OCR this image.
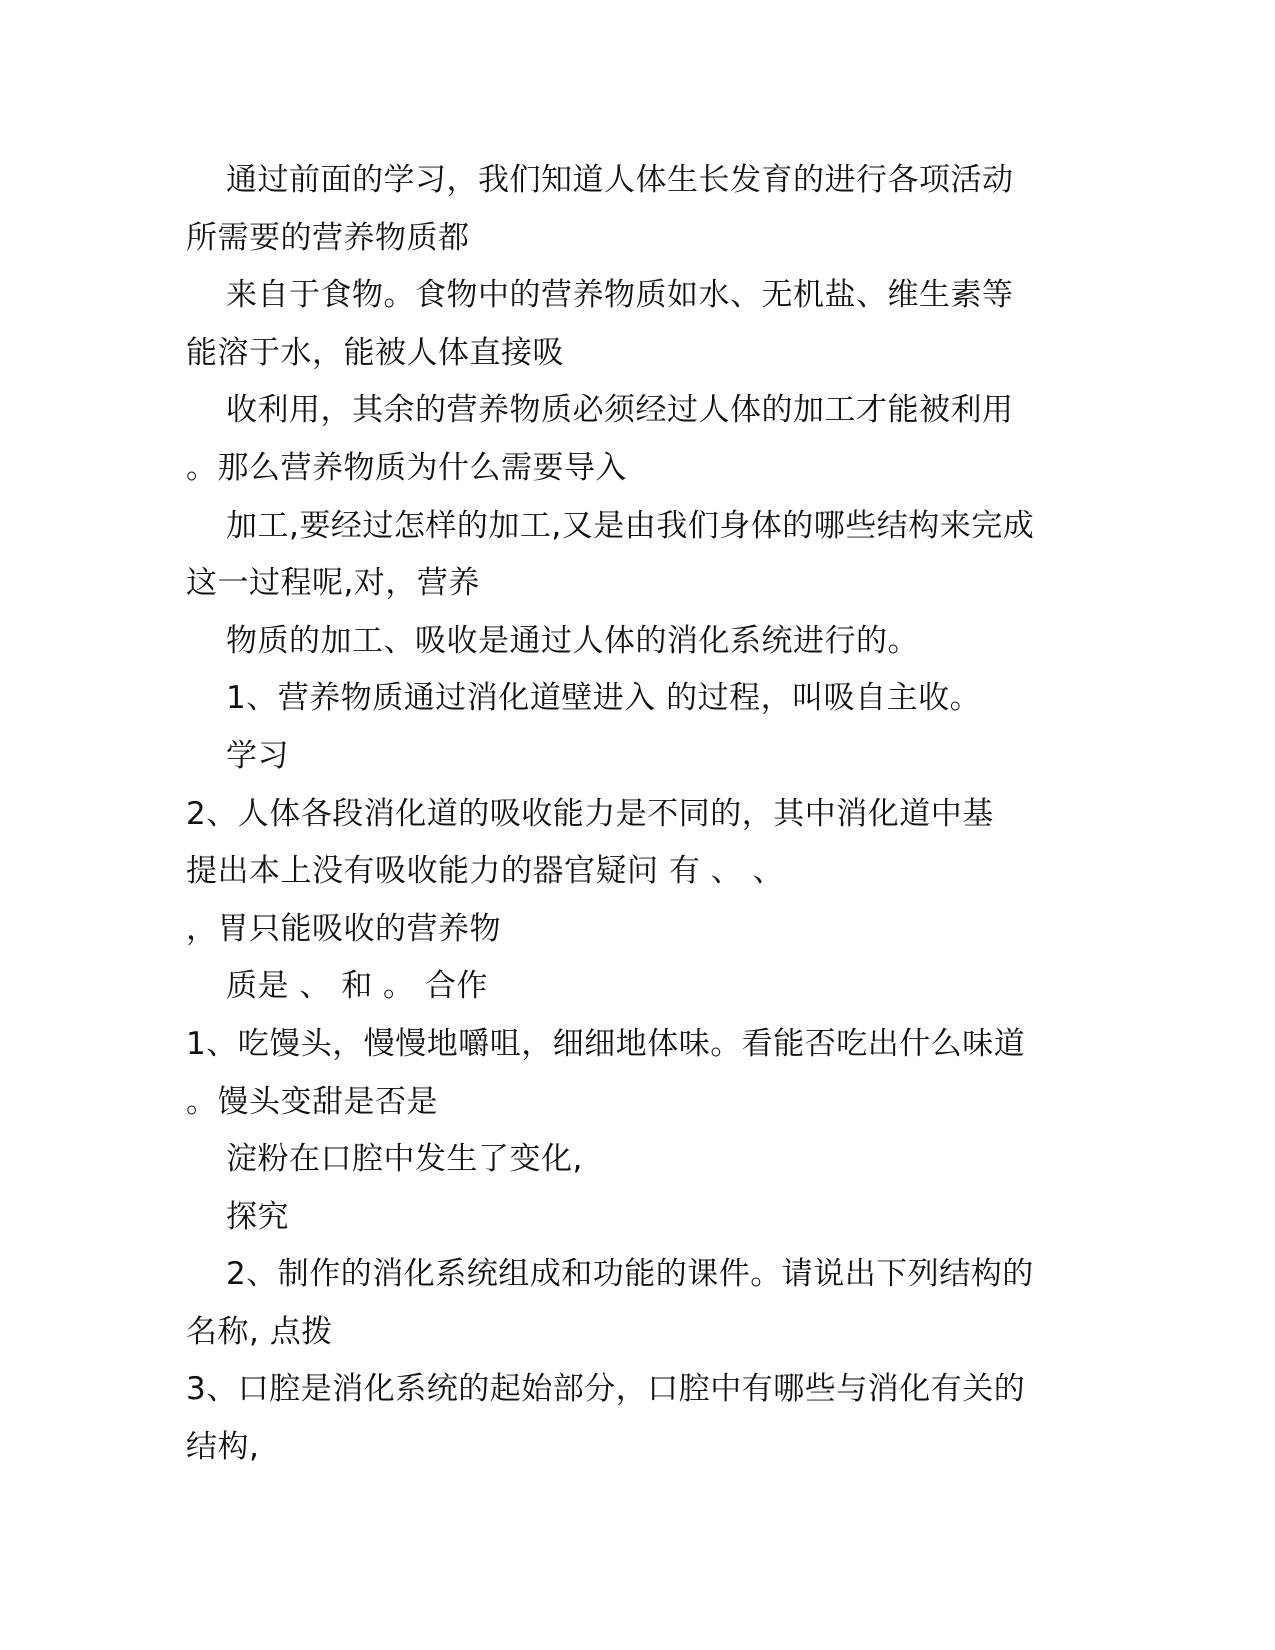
通过前面的学习，我们知道人体生长发育的进行各项活动
所需要的营养物质都
来自于食物。食物中的营养物质如水、无机盐、维生素等
能溶于水，能被人体直接吸
收利用，其余的营养物质必须经过人体的加工才能被利用
。那么营养物质为什么需要导入
加工,要经过怎样的加工,又是由我们身体的哪些结构来完成
这一过程呢,对，营养
物质的加工、吸收是通过人体的消化系统进行的。
1、营养物质通过消化道壁进入 的过程，叫吸自主收。
学习
2、人体各段消化道的吸收能力是不同的，其中消化道中基
提出本上没有吸收能力的器官疑问 有 、 、
，胃只能吸收的营养物
质是 、 和 。 合作
1、吃馒头，慢慢地嚼咀，细细地体味。看能否吃出什么味道
。馒头变甜是否是
淀粉在口腔中发生了变化,
探究
2、制作的消化系统组成和功能的课件。请说出下列结构的
名称, 点拨
3、口腔是消化系统的起始部分，口腔中有哪些与消化有关的
结构,
